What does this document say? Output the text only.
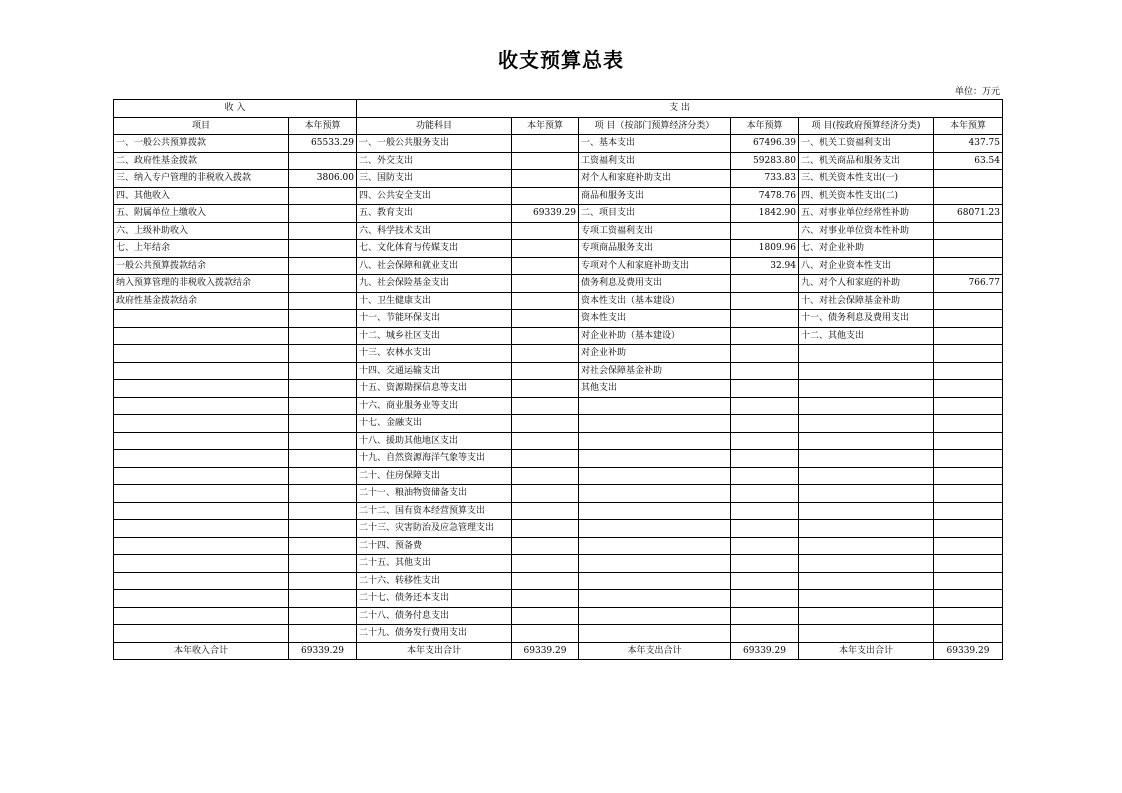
收支预算总表
单位：万元
收 入		支 出					
项目	本年预算	功能科目	本年预算	项 目（按部门预算经济分类）	本年预算	项 目(按政府预算经济分类)	本年预算
一、一般公共预算拨款	65533.29	一、一般公共服务支出		一、基本支出	67496.39	一、机关工资福利支出	437.75
二、政府性基金拨款		二、外交支出		工资福利支出	59283.80	二、机关商品和服务支出	63.54
三、纳入专户管理的非税收入拨款	3806.00	三、国防支出		对个人和家庭补助支出	733.83	三、机关资本性支出(一)	
四、其他收入		四、公共安全支出		商品和服务支出	7478.76	四、机关资本性支出(二)	
五、附属单位上缴收入		五、教育支出	69339.29	二、项目支出	1842.90	五、对事业单位经常性补助	68071.23
六、上级补助收入		六、科学技术支出		专项工资福利支出		六、对事业单位资本性补助	
七、上年结余		七、文化体育与传媒支出		专项商品服务支出	1809.96	七、对企业补助	
一般公共预算拨款结余		八、社会保障和就业支出		专项对个人和家庭补助支出	32.94	八、对企业资本性支出	
纳入预算管理的非税收入拨款结余		九、社会保险基金支出		债务利息及费用支出		九、对个人和家庭的补助	766.77
政府性基金拨款结余		十、卫生健康支出		资本性支出（基本建设）		十、对社会保障基金补助	
		十一、节能环保支出		资本性支出		十一、债务利息及费用支出	
		十二、城乡社区支出		对企业补助（基本建设）		十二、其他支出	
		十三、农林水支出		对企业补助			
		十四、交通运输支出		对社会保障基金补助			
		十五、资源勘探信息等支出		其他支出			
		十六、商业服务业等支出					
		十七、金融支出					
		十八、援助其他地区支出					
		十九、自然资源海洋气象等支出					
		二十、住房保障支出					
		二十一、粮油物资储备支出					
		二十二、国有资本经营预算支出					
		二十三、灾害防治及应急管理支出					
		二十四、预备费					
		二十五、其他支出					
		二十六、转移性支出					
		二十七、债务还本支出					
		二十八、债务付息支出					
		二十九、债务发行费用支出					
本年收入合计	69339.29	本年支出合计	69339.29	本年支出合计	69339.29	本年支出合计	69339.29
